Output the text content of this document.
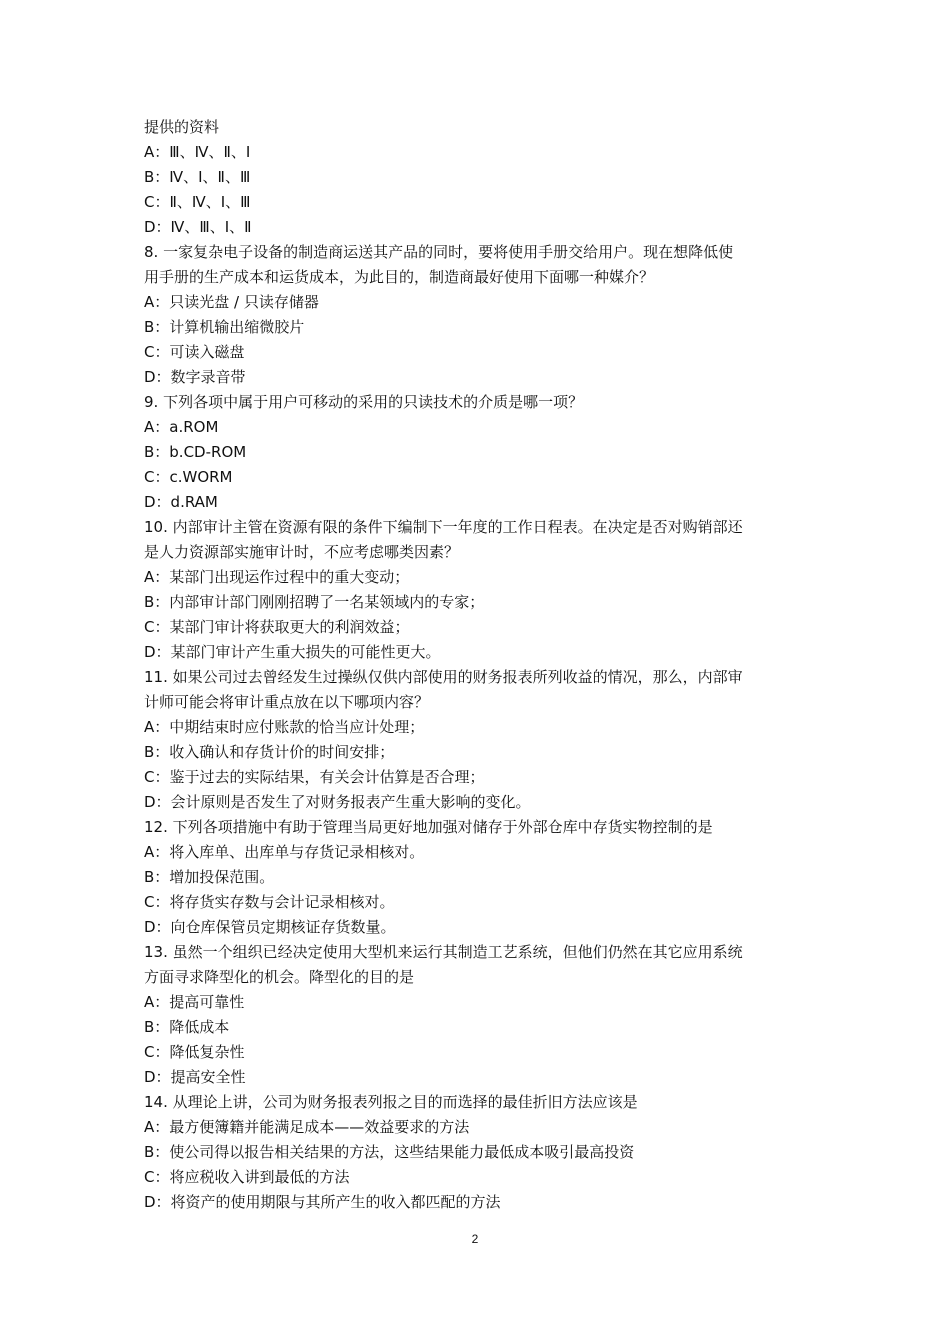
提供的资料
A：Ⅲ、Ⅳ、Ⅱ、Ⅰ
B：Ⅳ、Ⅰ、Ⅱ、Ⅲ
C：Ⅱ、Ⅳ、Ⅰ、Ⅲ
D：Ⅳ、Ⅲ、Ⅰ、Ⅱ
8. 一家复杂电子设备的制造商运送其产品的同时，要将使用手册交给用户。现在想降低使
用手册的生产成本和运货成本，为此目的，制造商最好使用下面哪一种媒介？
A：只读光盘 / 只读存储器
B：计算机输出缩微胶片
C：可读入磁盘
D：数字录音带
9. 下列各项中属于用户可移动的采用的只读技术的介质是哪一项？
A：a.ROM
B：b.CD-ROM
C：c.WORM
D：d.RAM
10. 内部审计主管在资源有限的条件下编制下一年度的工作日程表。在决定是否对购销部还
是人力资源部实施审计时，不应考虑哪类因素？
A：某部门出现运作过程中的重大变动；
B：内部审计部门刚刚招聘了一名某领域内的专家；
C：某部门审计将获取更大的利润效益；
D：某部门审计产生重大损失的可能性更大。
11. 如果公司过去曾经发生过操纵仅供内部使用的财务报表所列收益的情况，那么，内部审
计师可能会将审计重点放在以下哪项内容？
A：中期结束时应付账款的恰当应计处理；
B：收入确认和存货计价的时间安排；
C：鉴于过去的实际结果，有关会计估算是否合理；
D：会计原则是否发生了对财务报表产生重大影响的变化。
12. 下列各项措施中有助于管理当局更好地加强对储存于外部仓库中存货实物控制的是
A：将入库单、出库单与存货记录相核对。
B：增加投保范围。
C：将存货实存数与会计记录相核对。
D：向仓库保管员定期核证存货数量。
13. 虽然一个组织已经决定使用大型机来运行其制造工艺系统，但他们仍然在其它应用系统
方面寻求降型化的机会。降型化的目的是
A：提高可靠性
B：降低成本
C：降低复杂性
D：提高安全性
14. 从理论上讲，公司为财务报表列报之目的而选择的最佳折旧方法应该是
A：最方便簿籍并能满足成本——效益要求的方法
B：使公司得以报告相关结果的方法，这些结果能力最低成本吸引最高投资
C：将应税收入讲到最低的方法
D：将资产的使用期限与其所产生的收入都匹配的方法
2
